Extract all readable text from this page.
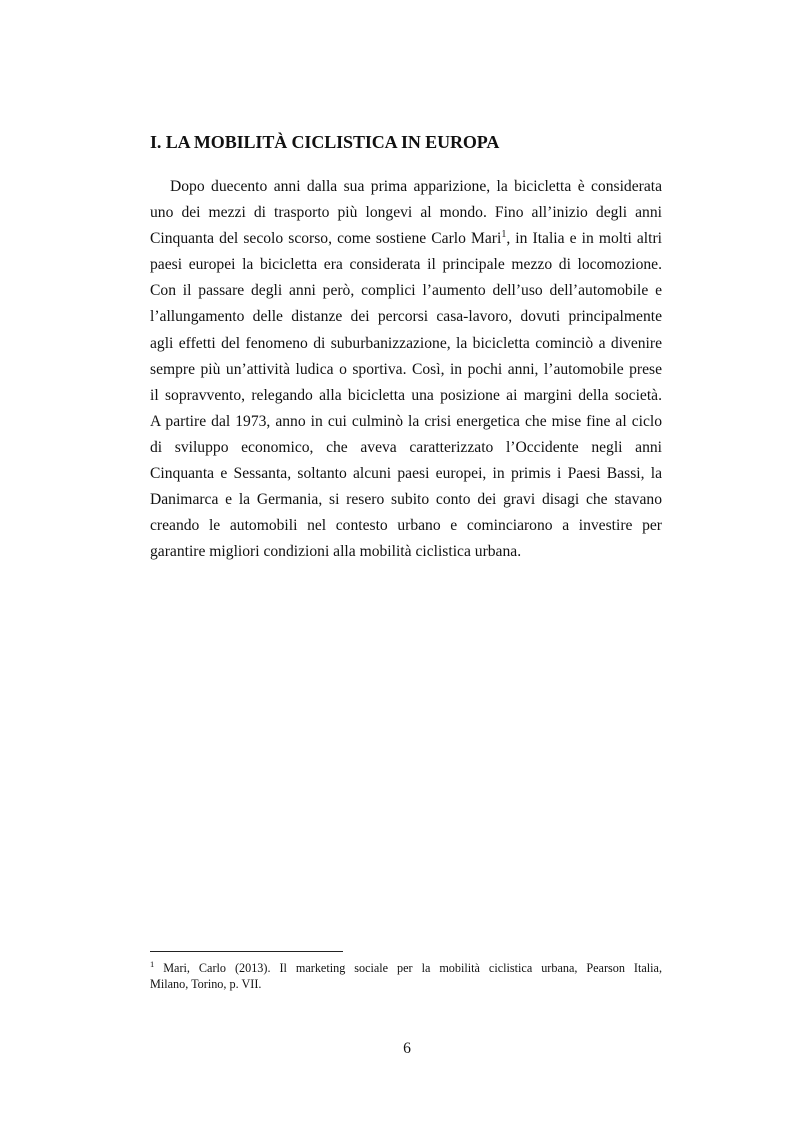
I. LA MOBILITÀ CICLISTICA IN EUROPA
Dopo duecento anni dalla sua prima apparizione, la bicicletta è considerata
uno dei mezzi di trasporto più longevi al mondo. Fino all’inizio degli anni
Cinquanta del secolo scorso, come sostiene Carlo Mari$^1$, in Italia e in molti altri
paesi europei la bicicletta era considerata il principale mezzo di locomozione.
Con il passare degli anni però, complici l’aumento dell’uso dell’automobile e
l’allungamento delle distanze dei percorsi casa-lavoro, dovuti principalmente
agli effetti del fenomeno di suburbanizzazione, la bicicletta cominciò a divenire
sempre più un’attività ludica o sportiva. Così, in pochi anni, l’automobile prese
il sopravvento, relegando alla bicicletta una posizione ai margini della società.
A partire dal 1973, anno in cui culminò la crisi energetica che mise fine al ciclo
di sviluppo economico, che aveva caratterizzato l’Occidente negli anni
Cinquanta e Sessanta, soltanto alcuni paesi europei, in primis i Paesi Bassi, la
Danimarca e la Germania, si resero subito conto dei gravi disagi che stavano
creando le automobili nel contesto urbano e cominciarono a investire per
garantire migliori condizioni alla mobilità ciclistica urbana.
$^1$ Mari, Carlo (2013). Il marketing sociale per la mobilità ciclistica urbana, Pearson Italia,
Milano, Torino, p. VII.
6
